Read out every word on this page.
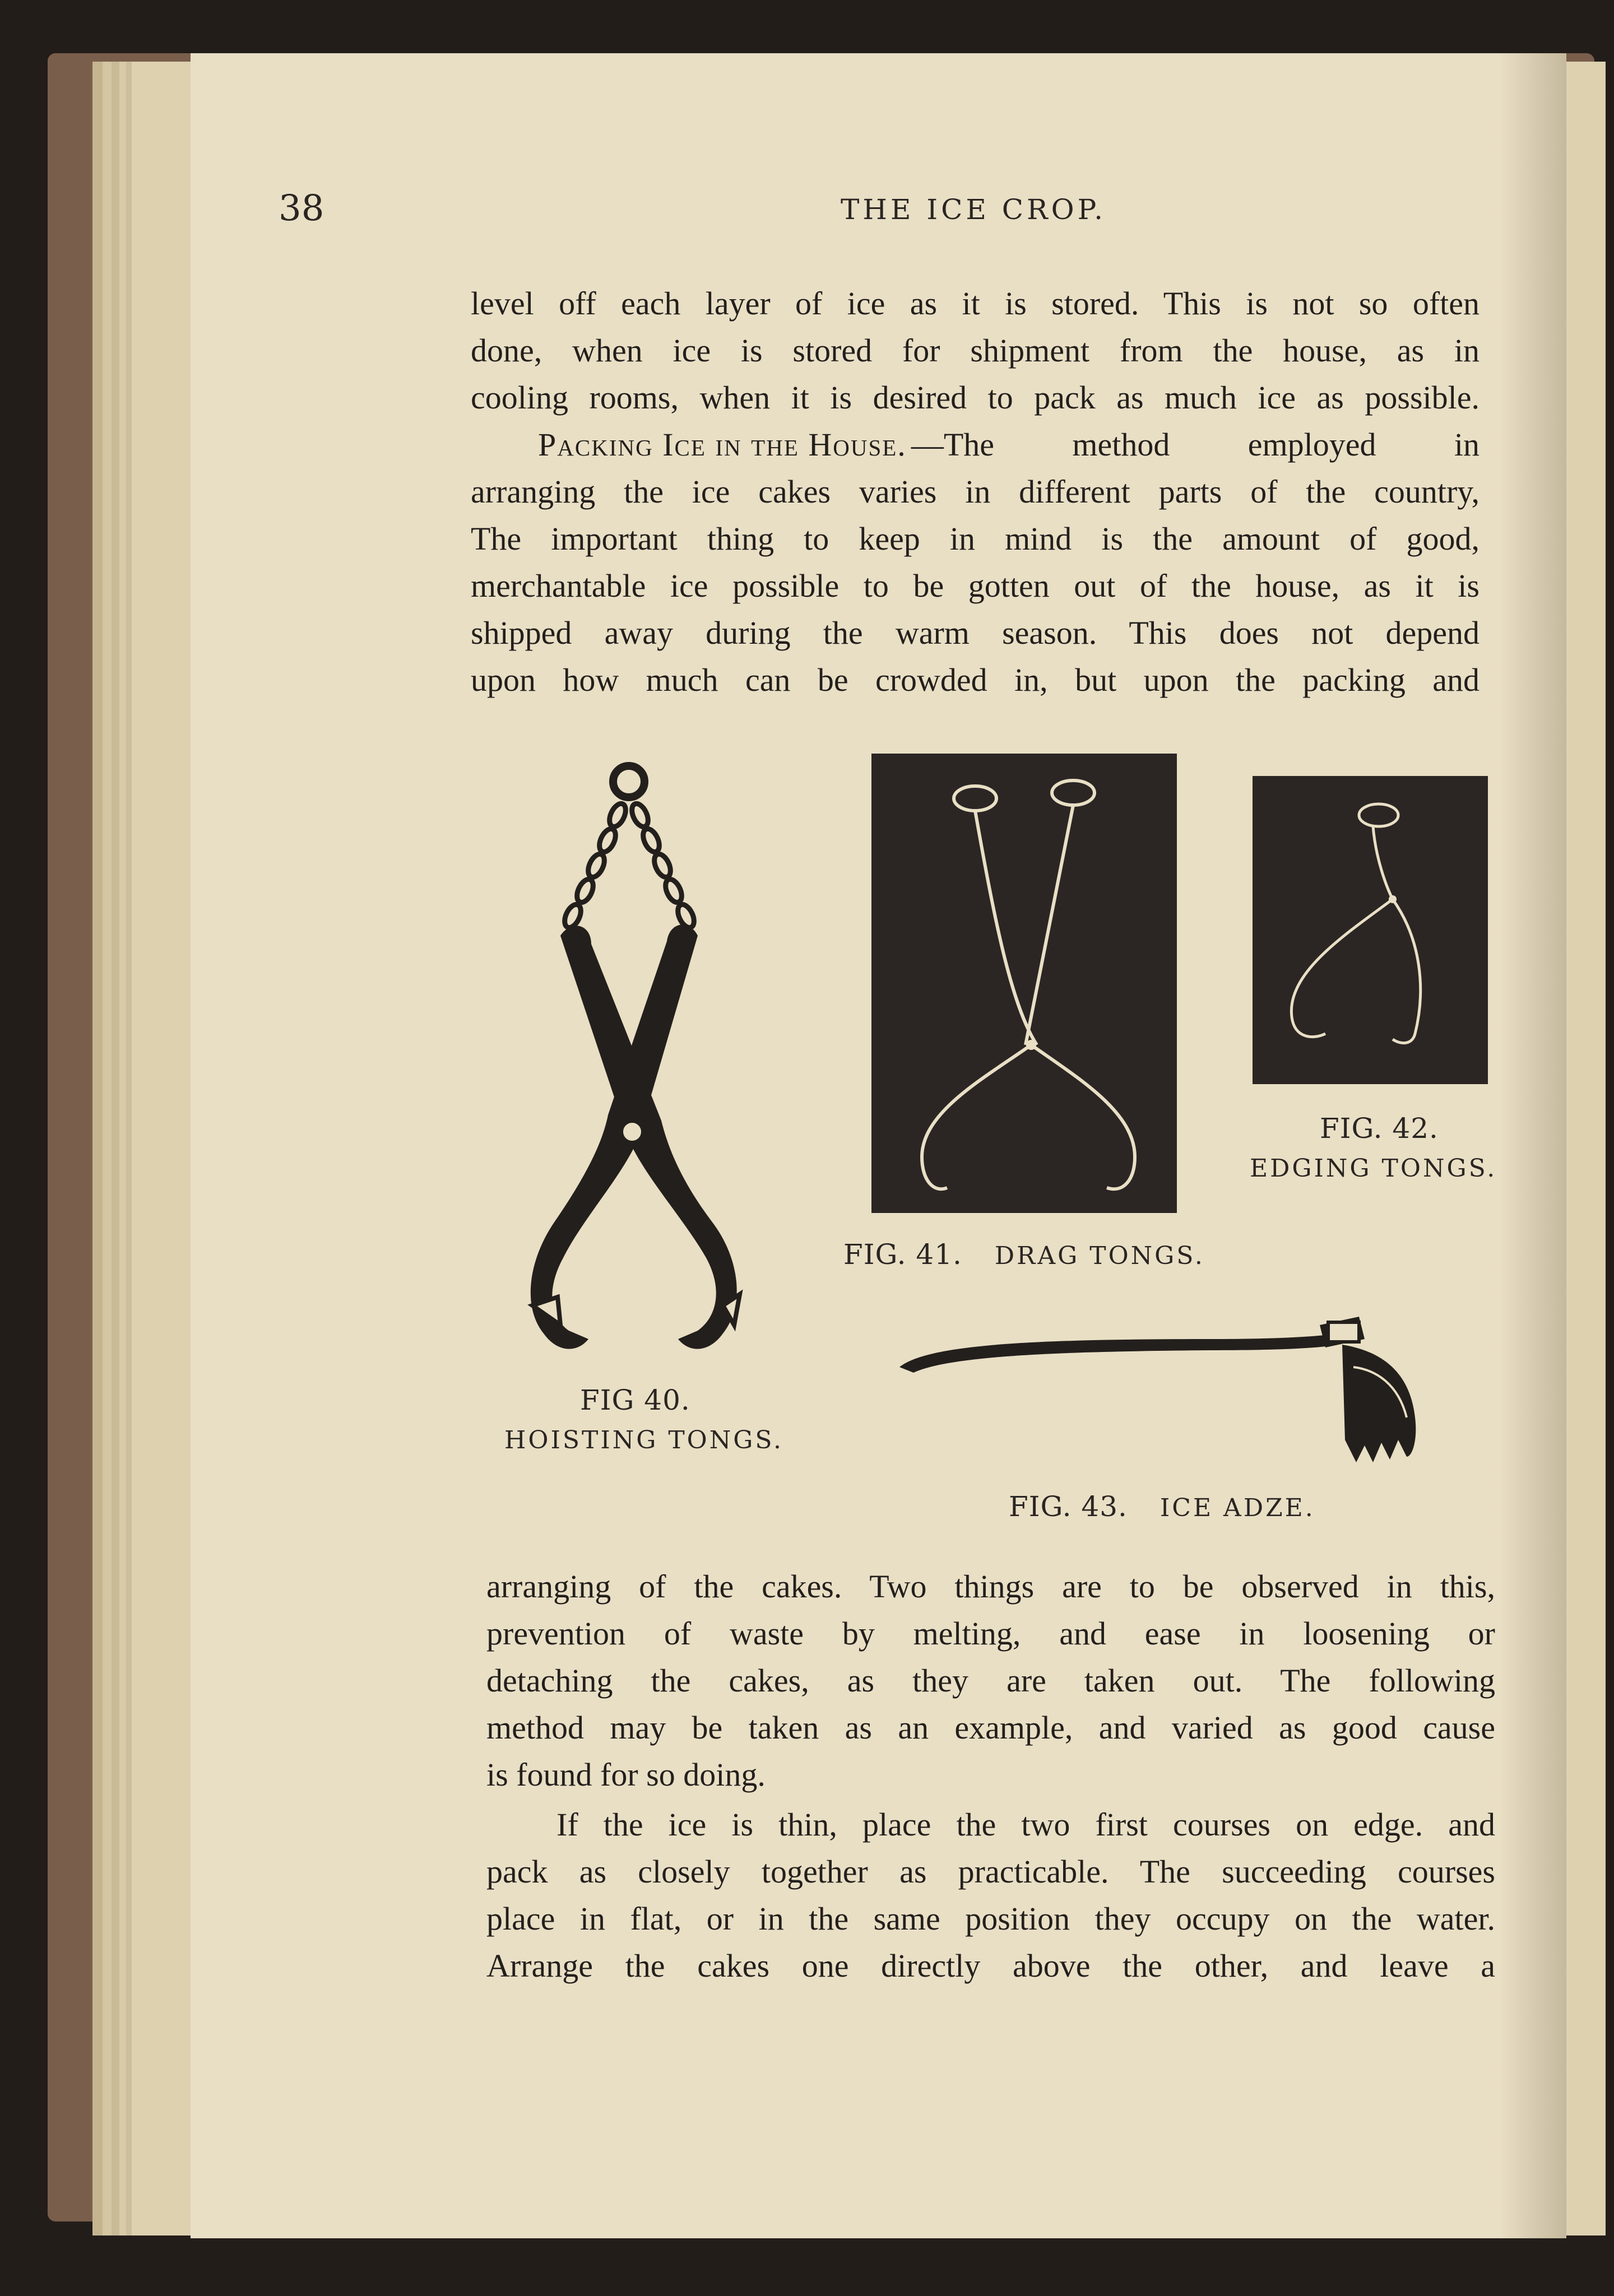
38	THE ICE CROP.
level off each layer of ice as it is stored. This is not so often
done, when ice is stored for shipment from the house, as in
cooling rooms, when it is desired to pack as much ice as possible.
Packing Ice in the House. —The method employed in
arranging the ice cakes varies in different parts of the country,
The important thing to keep in mind is the amount of good,
merchantable ice possible to be gotten out of the house, as it is
shipped away during the warm season. This does not depend
upon how much can be crowded in, but upon the packing and
FIG 40.
HOISTING TONGS.
FIG. 41. DRAG TONGS.
FIG. 42.
EDGING TONGS.
FIG. 43. ICE ADZE.
arranging of the cakes. Two things are to be observed in this,
prevention of waste by melting, and ease in loosening or
detaching the cakes, as they are taken out. The following
method may be taken as an example, and varied as good cause
is found for so doing.
If the ice is thin, place the two first courses on edge. and
pack as closely together as practicable. The succeeding courses
place in flat, or in the same position they occupy on the water.
Arrange the cakes one directly above the other, and leave a
